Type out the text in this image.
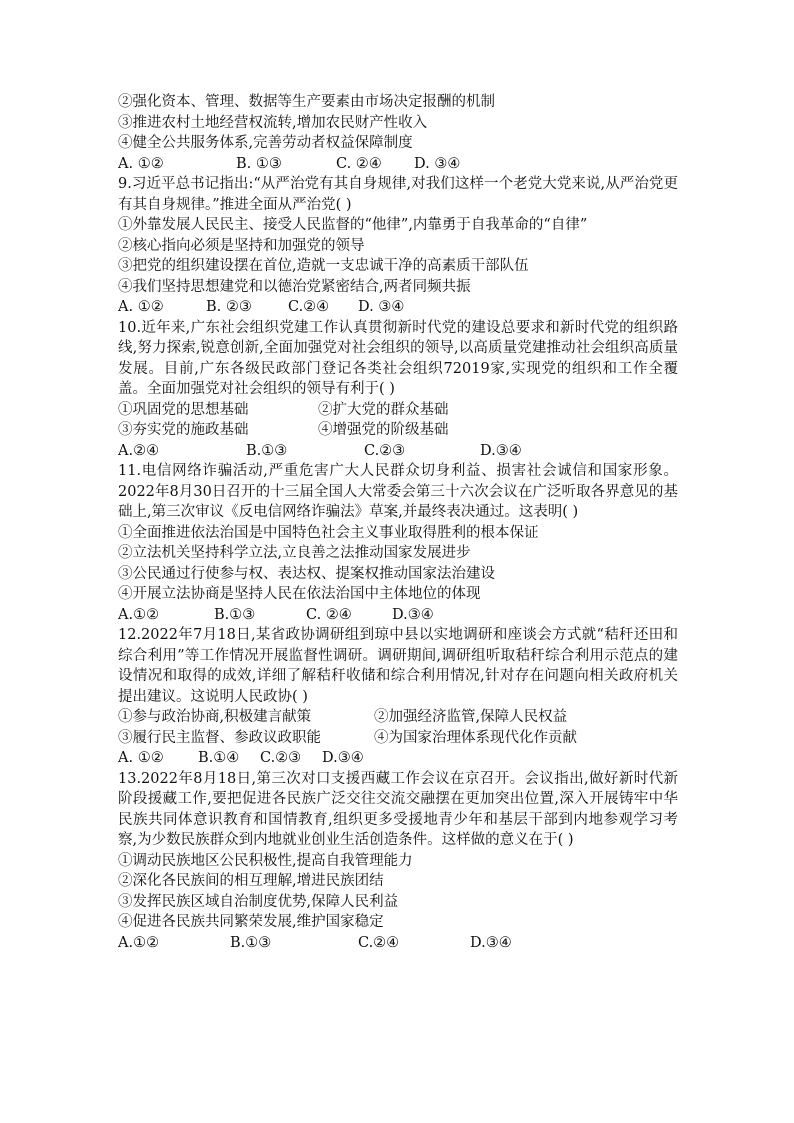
②强化资本、管理、数据等生产要素由市场决定报酬的机制
③推进农村土地经营权流转,增加农民财产性收入
④健全公共服务体系,完善劳动者权益保障制度
A. ①②	B. ①③	C. ②④	D. ③④
9.习近平总书记指出:“从严治党有其自身规律,对我们这样一个老党大党来说,从严治党更有其自身规律。”推进全面从严治党( )
①外靠发展人民民主、接受人民监督的“他律”,内靠勇于自我革命的“自律”
②核心指向必须是坚持和加强党的领导
③把党的组织建设摆在首位,造就一支忠诚干净的高素质干部队伍
④我们坚持思想建党和以德治党紧密结合,两者同频共振
A. ①②	B. ②③	C.②④	D. ③④
10.近年来,广东社会组织党建工作认真贯彻新时代党的建设总要求和新时代党的组织路线,努力探索,锐意创新,全面加强党对社会组织的领导,以高质量党建推动社会组织高质量发展。目前,广东各级民政部门登记各类社会组织72019家,实现党的组织和工作全覆盖。全面加强党对社会组织的领导有利于( )
①巩固党的思想基础	②扩大党的群众基础
③夯实党的施政基础	④增强党的阶级基础
A.②④	B.①③	C.②③	D.③④
11.电信网络诈骗活动,严重危害广大人民群众切身利益、损害社会诚信和国家形象。2022年8月30日召开的十三届全国人大常委会第三十六次会议在广泛听取各界意见的基础上,第三次审议《反电信网络诈骗法》草案,并最终表决通过。这表明( )
①全面推进依法治国是中国特色社会主义事业取得胜利的根本保证
②立法机关坚持科学立法,立良善之法推动国家发展进步
③公民通过行使参与权、表达权、提案权推动国家法治建设
④开展立法协商是坚持人民在依法治国中主体地位的体现
A.①②	B.①③	C. ②④	D.③④
12.2022年7月18日,某省政协调研组到琼中县以实地调研和座谈会方式就“秸秆还田和综合利用”等工作情况开展监督性调研。调研期间,调研组听取秸秆综合利用示范点的建设情况和取得的成效,详细了解秸秆收储和综合利用情况,针对存在问题向相关政府机关提出建议。这说明人民政协( )
①参与政治协商,积极建言献策	②加强经济监管,保障人民权益
③履行民主监督、参政议政职能	④为国家治理体系现代化作贡献
A. ①②	B.①④	C.②③	D.③④
13.2022年8月18日,第三次对口支援西藏工作会议在京召开。会议指出,做好新时代新阶段援藏工作,要把促进各民族广泛交往交流交融摆在更加突出位置,深入开展铸牢中华民族共同体意识教育和国情教育,组织更多受援地青少年和基层干部到内地参观学习考察,为少数民族群众到内地就业创业生活创造条件。这样做的意义在于( )
①调动民族地区公民积极性,提高自我管理能力
②深化各民族间的相互理解,增进民族团结
③发挥民族区域自治制度优势,保障人民利益
④促进各民族共同繁荣发展,维护国家稳定
A.①②	B.①③	C.②④	D.③④
